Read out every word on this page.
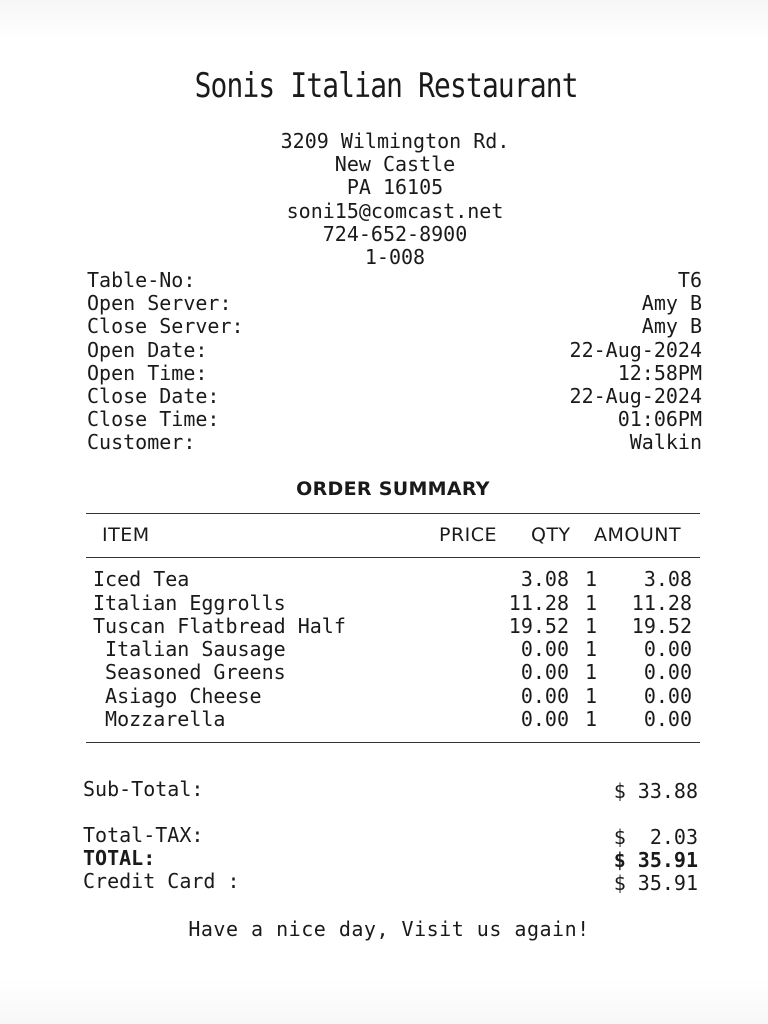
Sonis Italian Restaurant
3209 Wilmington Rd.
New Castle
PA 16105
soni15@comcast.net
724-652-8900
1-008
Table-No:	T6
Open Server:	Amy B
Close Server:	Amy B
Open Date:	22-Aug-2024
Open Time:	12:58PM
Close Date:	22-Aug-2024
Close Time:	01:06PM
Customer:	Walkin
ORDER SUMMARY
ITEM	PRICE QTY AMOUNT
Iced Tea	3.08 1 3.08
Italian Eggrolls	11.28 1 11.28
Tuscan Flatbread Half	19.52 1 19.52
Italian Sausage	0.00 1 0.00
Seasoned Greens	0.00 1 0.00
Asiago Cheese	0.00 1 0.00
Mozzarella	0.00 1 0.00
Sub-Total:	$ 33.88
Total-TAX:	$  2.03
TOTAL:	$ 35.91
Credit Card :	$ 35.91
Have a nice day, Visit us again!
